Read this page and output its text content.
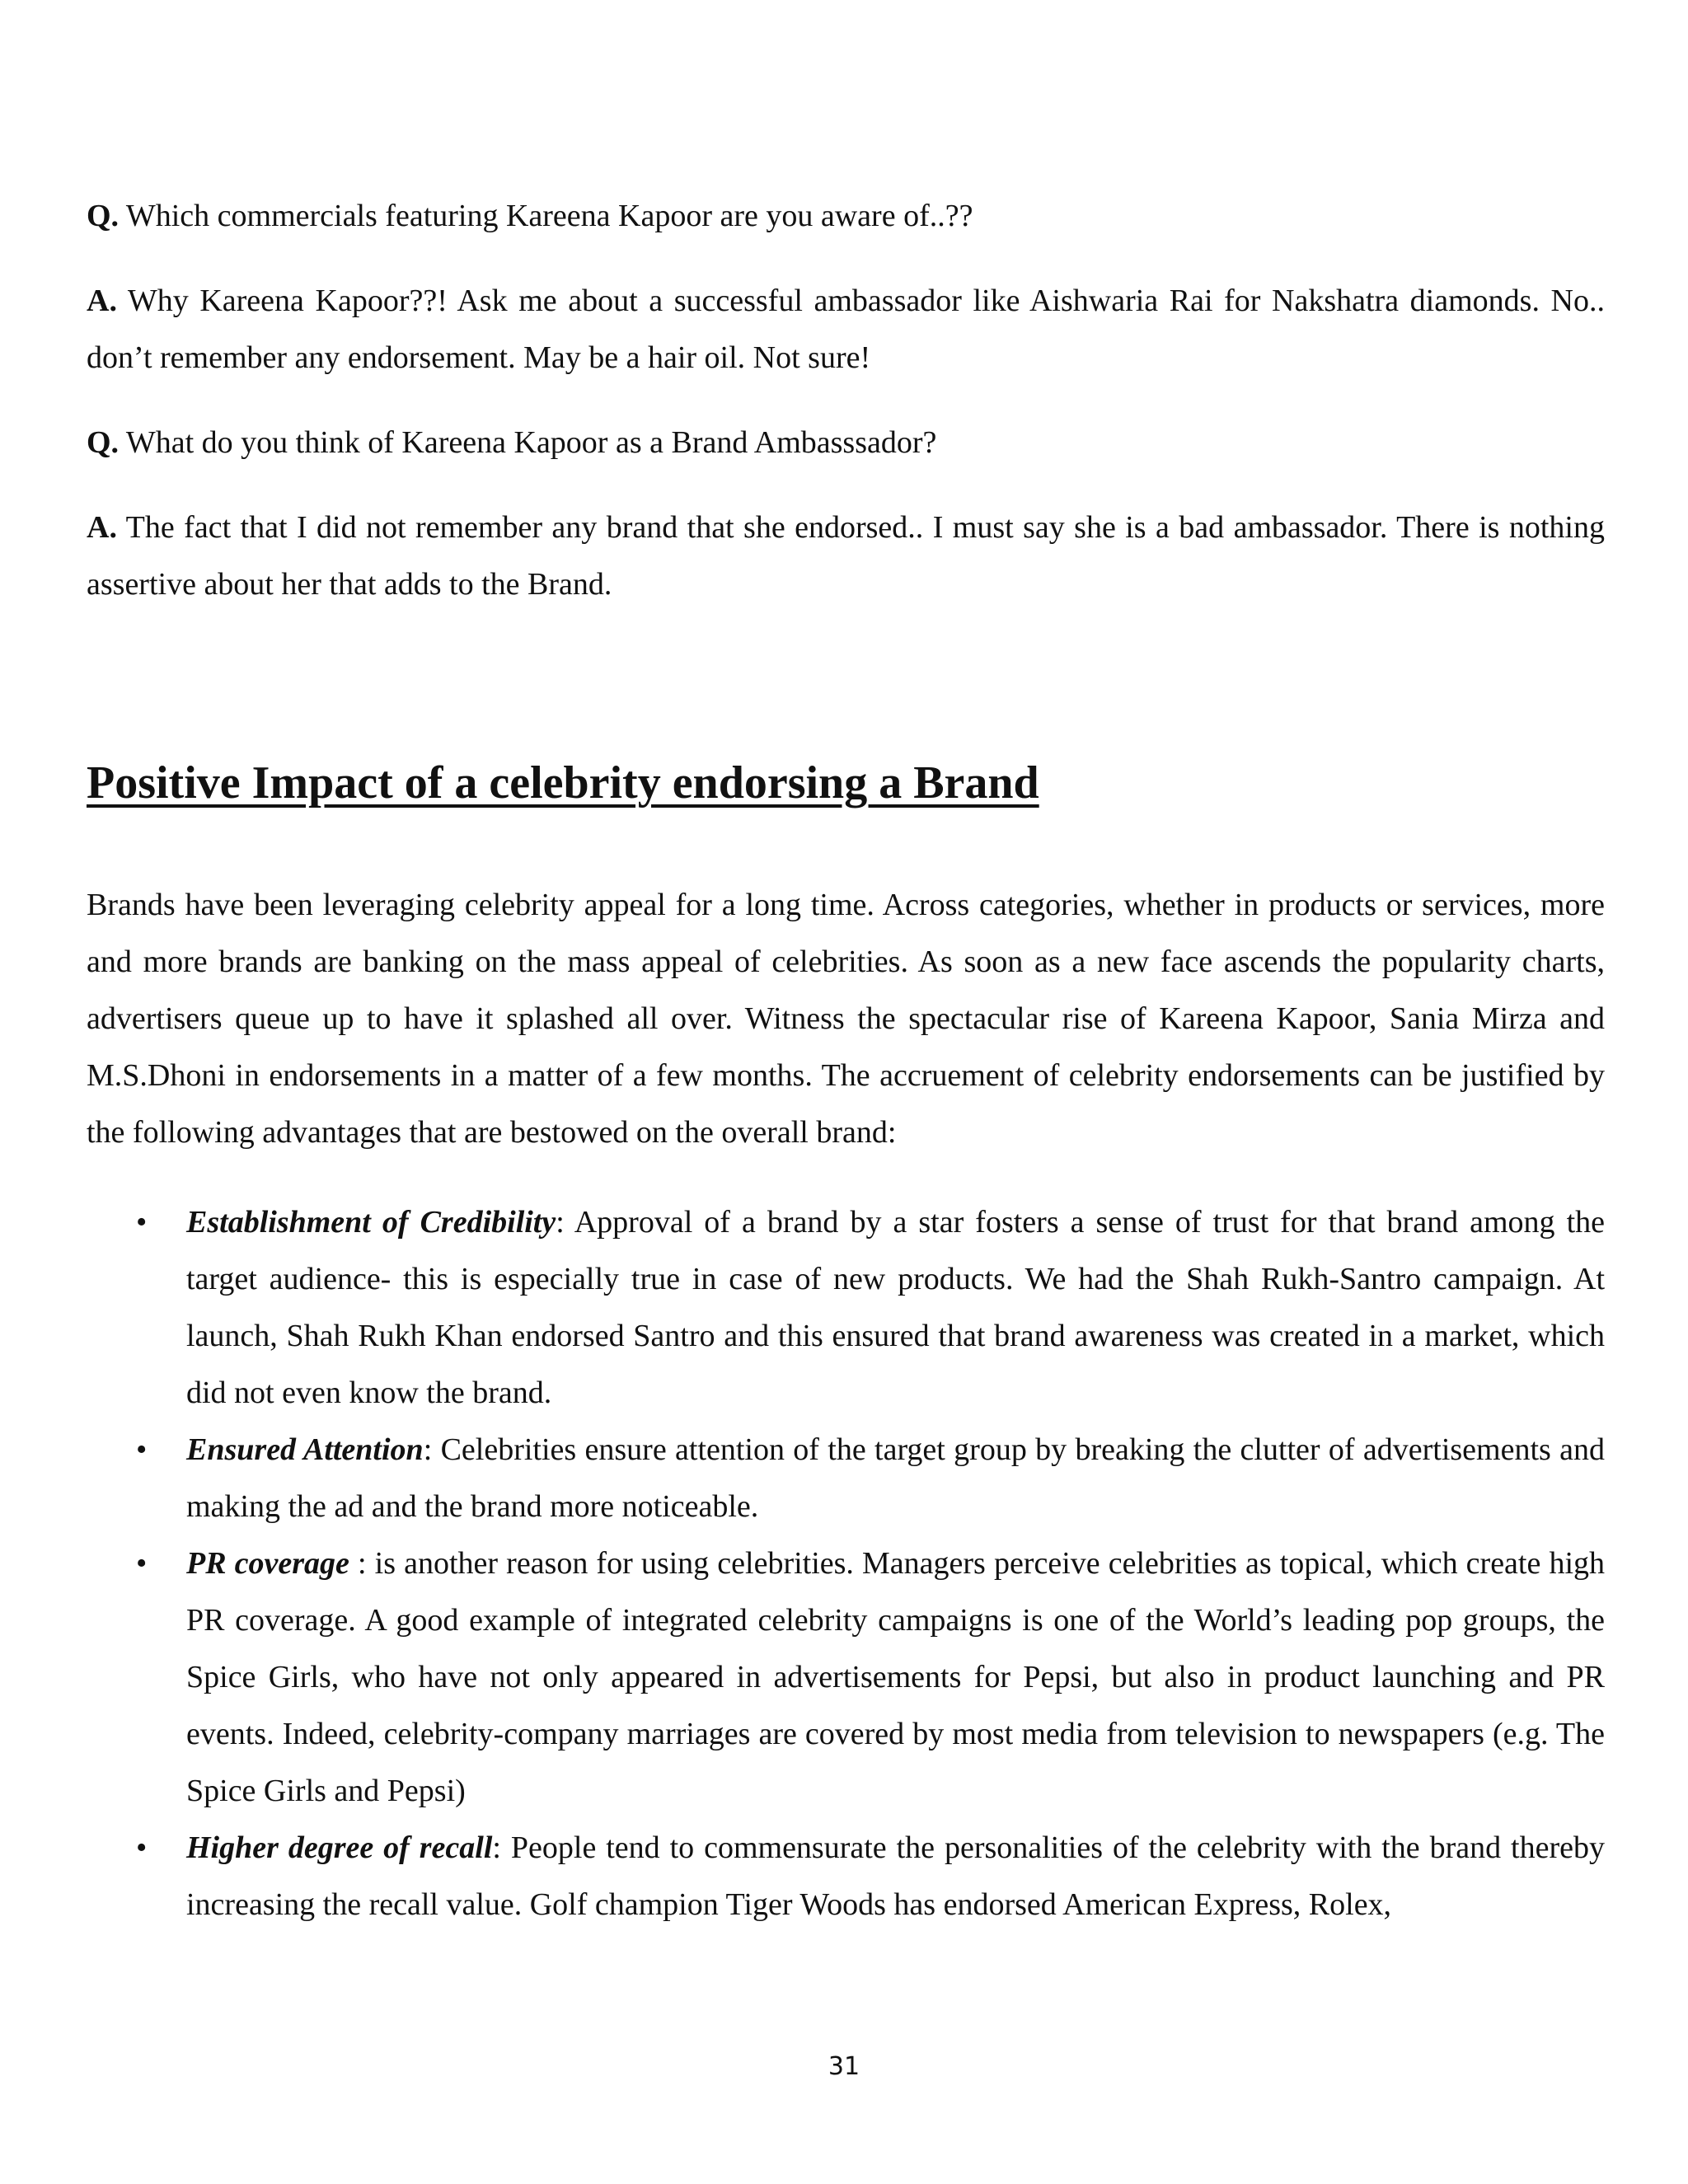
Q. Which commercials featuring Kareena Kapoor are you aware of..??

A. Why Kareena Kapoor??! Ask me about a successful ambassador like Aishwaria Rai for Nakshatra diamonds. No.. don’t remember any endorsement. May be a hair oil. Not sure!

Q. What do you think of Kareena Kapoor as a Brand Ambasssador?

A. The fact that I did not remember any brand that she endorsed.. I must say she is a bad ambassador. There is nothing assertive about her that adds to the Brand.

Positive Impact of a celebrity endorsing a Brand

Brands have been leveraging celebrity appeal for a long time. Across categories, whether in products or services, more and more brands are banking on the mass appeal of celebrities. As soon as a new face ascends the popularity charts, advertisers queue up to have it splashed all over. Witness the spectacular rise of Kareena Kapoor, Sania Mirza and M.S.Dhoni in endorsements in a matter of a few months. The accruement of celebrity endorsements can be justified by the following advantages that are bestowed on the overall brand:

• Establishment of Credibility: Approval of a brand by a star fosters a sense of trust for that brand among the target audience- this is especially true in case of new products. We had the Shah Rukh-Santro campaign. At launch, Shah Rukh Khan endorsed Santro and this ensured that brand awareness was created in a market, which did not even know the brand.
• Ensured Attention: Celebrities ensure attention of the target group by breaking the clutter of advertisements and making the ad and the brand more noticeable.
• PR coverage : is another reason for using celebrities. Managers perceive celebrities as topical, which create high PR coverage. A good example of integrated celebrity campaigns is one of the World’s leading pop groups, the Spice Girls, who have not only appeared in advertisements for Pepsi, but also in product launching and PR events. Indeed, celebrity-company marriages are covered by most media from television to newspapers (e.g. The Spice Girls and Pepsi)
• Higher degree of recall: People tend to commensurate the personalities of the celebrity with the brand thereby increasing the recall value. Golf champion Tiger Woods has endorsed American Express, Rolex,
31
